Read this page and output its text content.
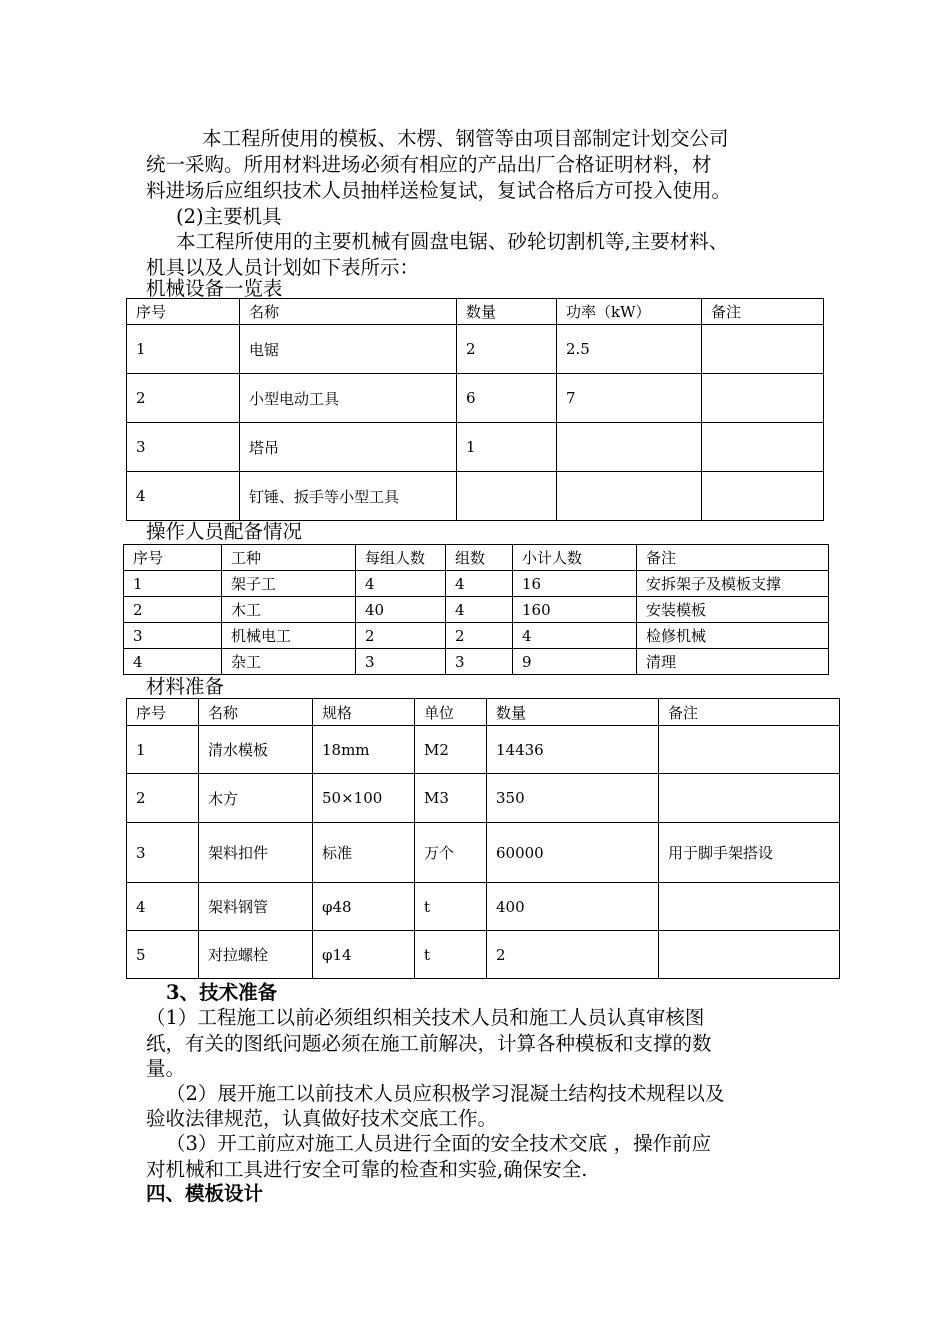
本工程所使用的模板、木楞、钢管等由项目部制定计划交公司
统一采购。所用材料进场必须有相应的产品出厂合格证明材料，材
料进场后应组织技术人员抽样送检复试，复试合格后方可投入使用。
(2)主要机具
本工程所使用的主要机械有圆盘电锯、砂轮切割机等,主要材料、
机具以及人员计划如下表所示：
机械设备一览表
序号	名称	数量	功率（kW）	备注
1	电锯	2	2.5	
2	小型电动工具	6	7	
3	塔吊	1		
4	钉锤、扳手等小型工具			
操作人员配备情况
序号	工种	每组人数	组数	小计人数	备注
1	架子工	4	4	16	安拆架子及模板支撑
2	木工	40	4	160	安装模板
3	机械电工	2	2	4	检修机械
4	杂工	3	3	9	清理
材料准备
序号	名称	规格	单位	数量	备注
1	清水模板	18mm	M2	14436	
2	木方	50×100	M3	350	
3	架料扣件	标准	万个	60000	用于脚手架搭设
4	架料钢管	φ48	t	400	
5	对拉螺栓	φ14	t	2	
3、技术准备
（1）工程施工以前必须组织相关技术人员和施工人员认真审核图
纸，有关的图纸问题必须在施工前解决，计算各种模板和支撑的数
量。
（2）展开施工以前技术人员应积极学习混凝土结构技术规程以及
验收法律规范，认真做好技术交底工作。
（3）开工前应对施工人员进行全面的安全技术交底 ，操作前应
对机械和工具进行安全可靠的检查和实验,确保安全.
四、模板设计
